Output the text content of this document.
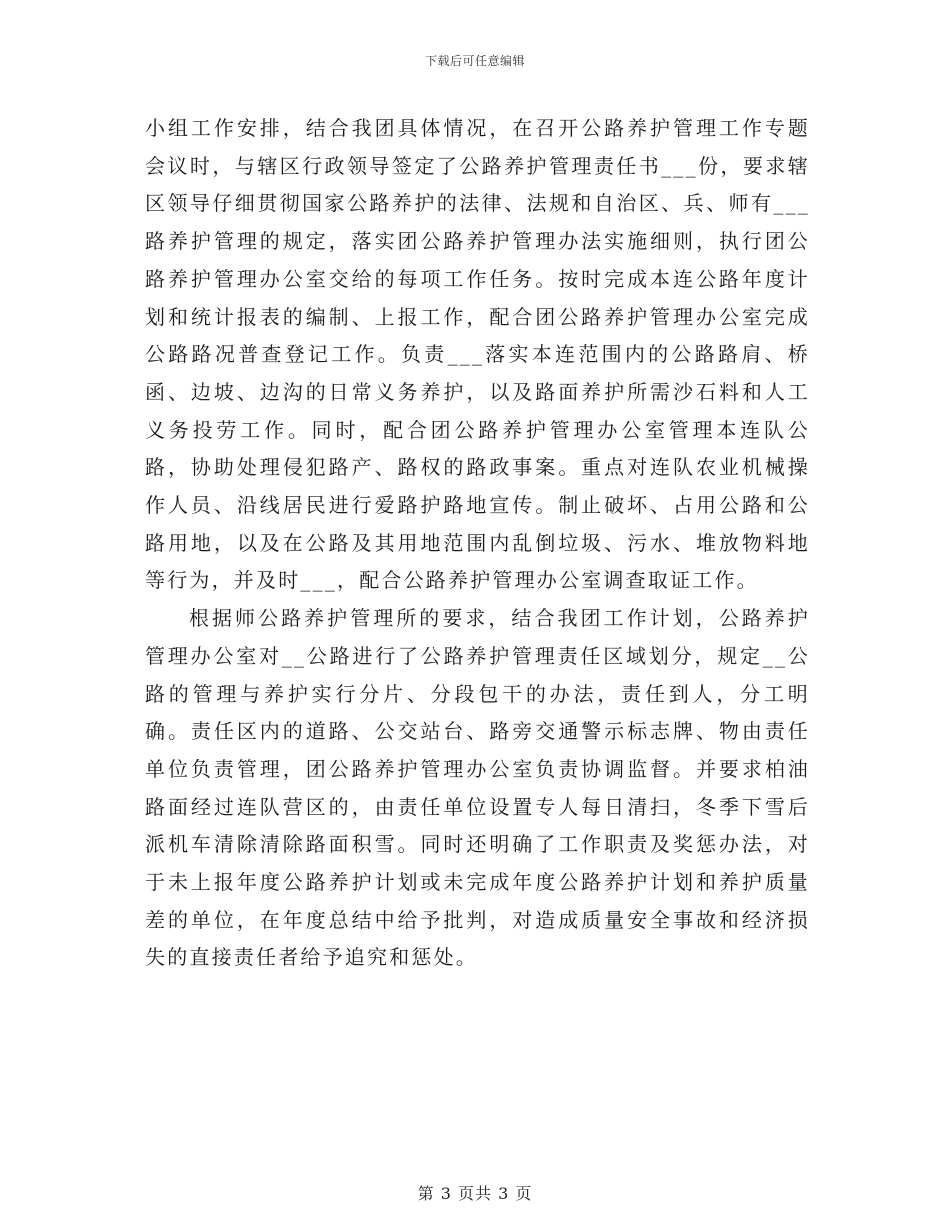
下载后可任意编辑

小组工作安排，结合我团具体情况，在召开公路养护管理工作专题会议时，与辖区行政领导签定了公路养护管理责任书___份，要求辖区领导仔细贯彻国家公路养护的法律、法规和自治区、兵、师有___路养护管理的规定，落实团公路养护管理办法实施细则，执行团公路养护管理办公室交给的每项工作任务。按时完成本连公路年度计划和统计报表的编制、上报工作，配合团公路养护管理办公室完成公路路况普查登记工作。负责___落实本连范围内的公路路肩、桥函、边坡、边沟的日常义务养护，以及路面养护所需沙石料和人工义务投劳工作。同时，配合团公路养护管理办公室管理本连队公路，协助处理侵犯路产、路权的路政事案。重点对连队农业机械操作人员、沿线居民进行爱路护路地宣传。制止破坏、占用公路和公路用地，以及在公路及其用地范围内乱倒垃圾、污水、堆放物料地等行为，并及时___，配合公路养护管理办公室调查取证工作。

根据师公路养护管理所的要求，结合我团工作计划，公路养护管理办公室对__公路进行了公路养护管理责任区域划分，规定__公路的管理与养护实行分片、分段包干的办法，责任到人，分工明确。责任区内的道路、公交站台、路旁交通警示标志牌、物由责任单位负责管理，团公路养护管理办公室负责协调监督。并要求柏油路面经过连队营区的，由责任单位设置专人每日清扫，冬季下雪后派机车清除清除路面积雪。同时还明确了工作职责及奖惩办法，对于未上报年度公路养护计划或未完成年度公路养护计划和养护质量差的单位，在年度总结中给予批判，对造成质量安全事故和经济损失的直接责任者给予追究和惩处。

第 3 页共 3 页
